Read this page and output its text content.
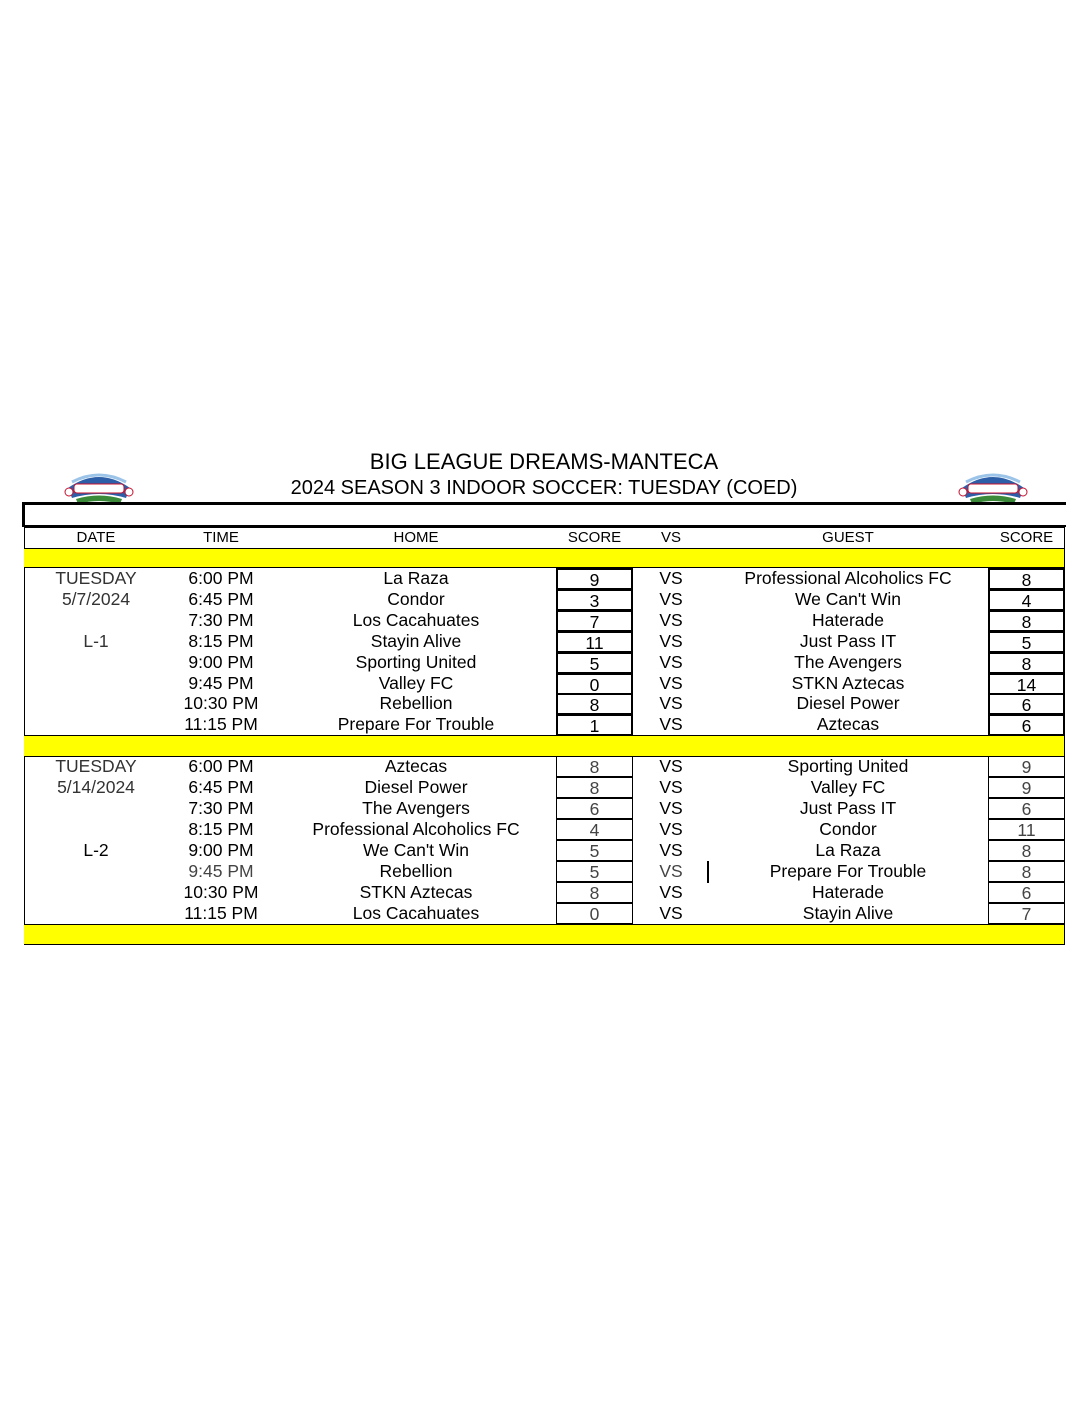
BIG LEAGUE DREAMS-MANTECA
2024 SEASON 3 INDOOR SOCCER: TUESDAY (COED)
DATE	TIME	HOME	SCORE	VS	GUEST	SCORE
TUESDAY
5/7/2024
L-1
6:00 PM	La Raza	9	VS	Professional Alcoholics FC	8
6:45 PM	Condor	3	VS	We Can't Win	4
7:30 PM	Los Cacahuates	7	VS	Haterade	8
8:15 PM	Stayin Alive	11	VS	Just Pass IT	5
9:00 PM	Sporting United	5	VS	The Avengers	8
9:45 PM	Valley FC	0	VS	STKN Aztecas	14
10:30 PM	Rebellion	8	VS	Diesel Power	6
11:15 PM	Prepare For Trouble	1	VS	Aztecas	6
TUESDAY
5/14/2024
L-2
6:00 PM	Aztecas	8	VS	Sporting United	9
6:45 PM	Diesel Power	8	VS	Valley FC	9
7:30 PM	The Avengers	6	VS	Just Pass IT	6
8:15 PM	Professional Alcoholics FC	4	VS	Condor	11
9:00 PM	We Can't Win	5	VS	La Raza	8
9:45 PM	Rebellion	5	VS	Prepare For Trouble	8
10:30 PM	STKN Aztecas	8	VS	Haterade	6
11:15 PM	Los Cacahuates	0	VS	Stayin Alive	7
